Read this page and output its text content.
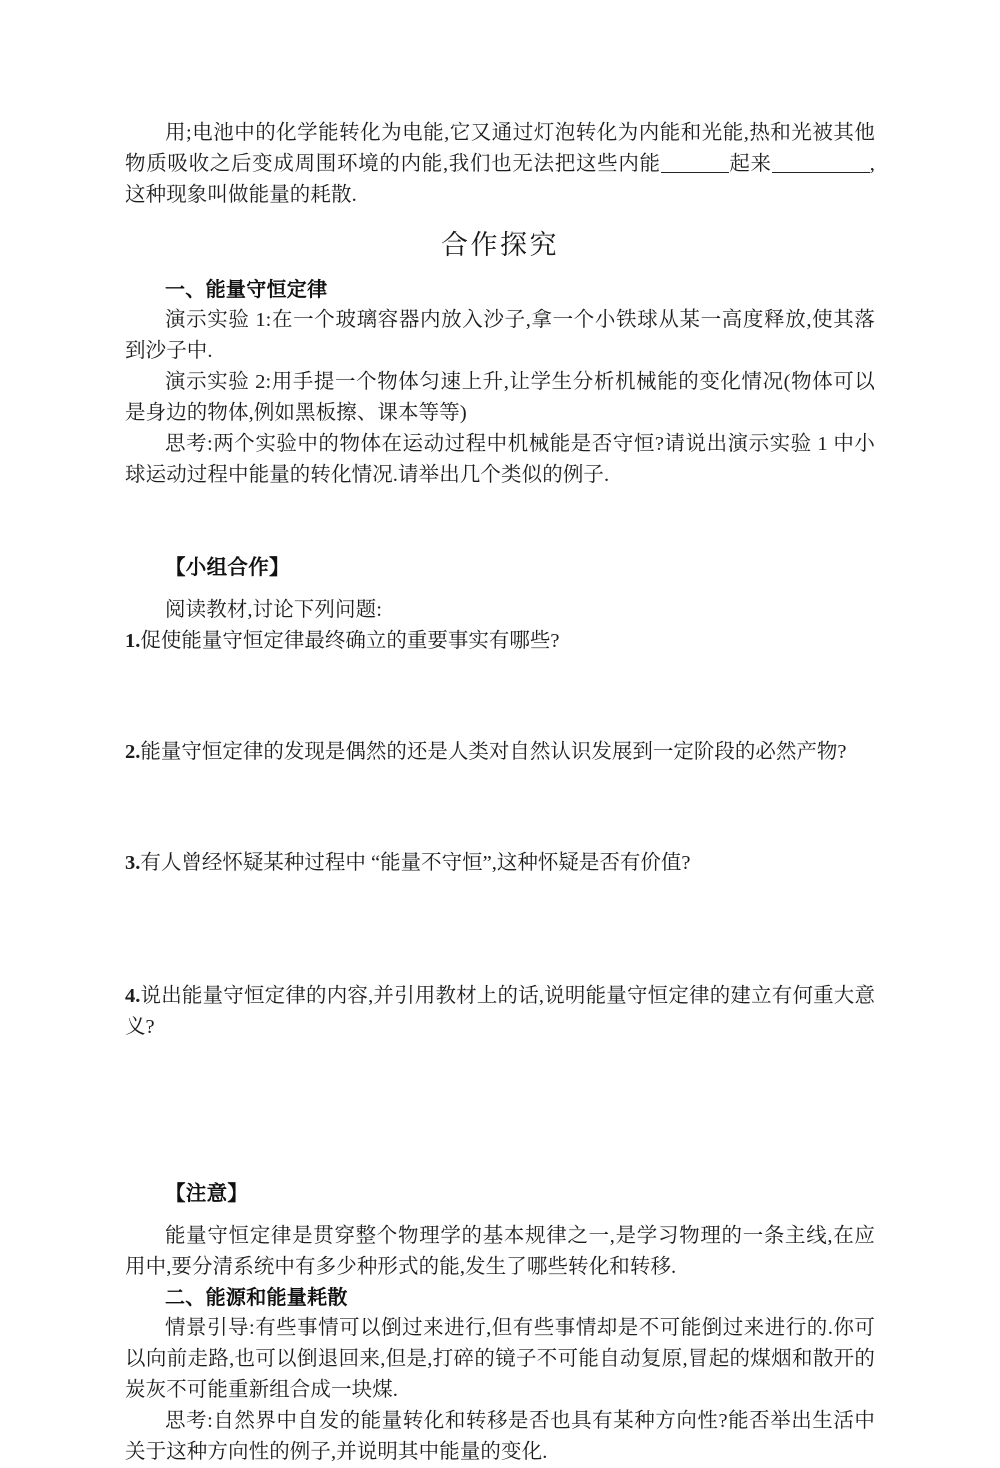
用;电池中的化学能转化为电能,它又通过灯泡转化为内能和光能,热和光被其他物质吸收之后变成周围环境的内能,我们也无法把这些内能	起来	,这种现象叫做能量的耗散.

合作探究
一、能量守恒定律

演示实验 1:在一个玻璃容器内放入沙子,拿一个小铁球从某一高度释放,使其落到沙子中.

演示实验 2:用手提一个物体匀速上升,让学生分析机械能的变化情况(物体可以是身边的物体,例如黑板擦、课本等等)

思考:两个实验中的物体在运动过程中机械能是否守恒?请说出演示实验 1 中小球运动过程中能量的转化情况.请举出几个类似的例子.

【小组合作】

阅读教材,讨论下列问题:

1.促使能量守恒定律最终确立的重要事实有哪些?

2.能量守恒定律的发现是偶然的还是人类对自然认识发展到一定阶段的必然产物?

3.有人曾经怀疑某种过程中 “能量不守恒”,这种怀疑是否有价值?

4.说出能量守恒定律的内容,并引用教材上的话,说明能量守恒定律的建立有何重大意义?

【注意】

能量守恒定律是贯穿整个物理学的基本规律之一,是学习物理的一条主线,在应用中,要分清系统中有多少种形式的能,发生了哪些转化和转移.

二、能源和能量耗散

情景引导:有些事情可以倒过来进行,但有些事情却是不可能倒过来进行的.你可以向前走路,也可以倒退回来,但是,打碎的镜子不可能自动复原,冒起的煤烟和散开的炭灰不可能重新组合成一块煤.

思考:自然界中自发的能量转化和转移是否也具有某种方向性?能否举出生活中关于这种方向性的例子,并说明其中能量的变化.
